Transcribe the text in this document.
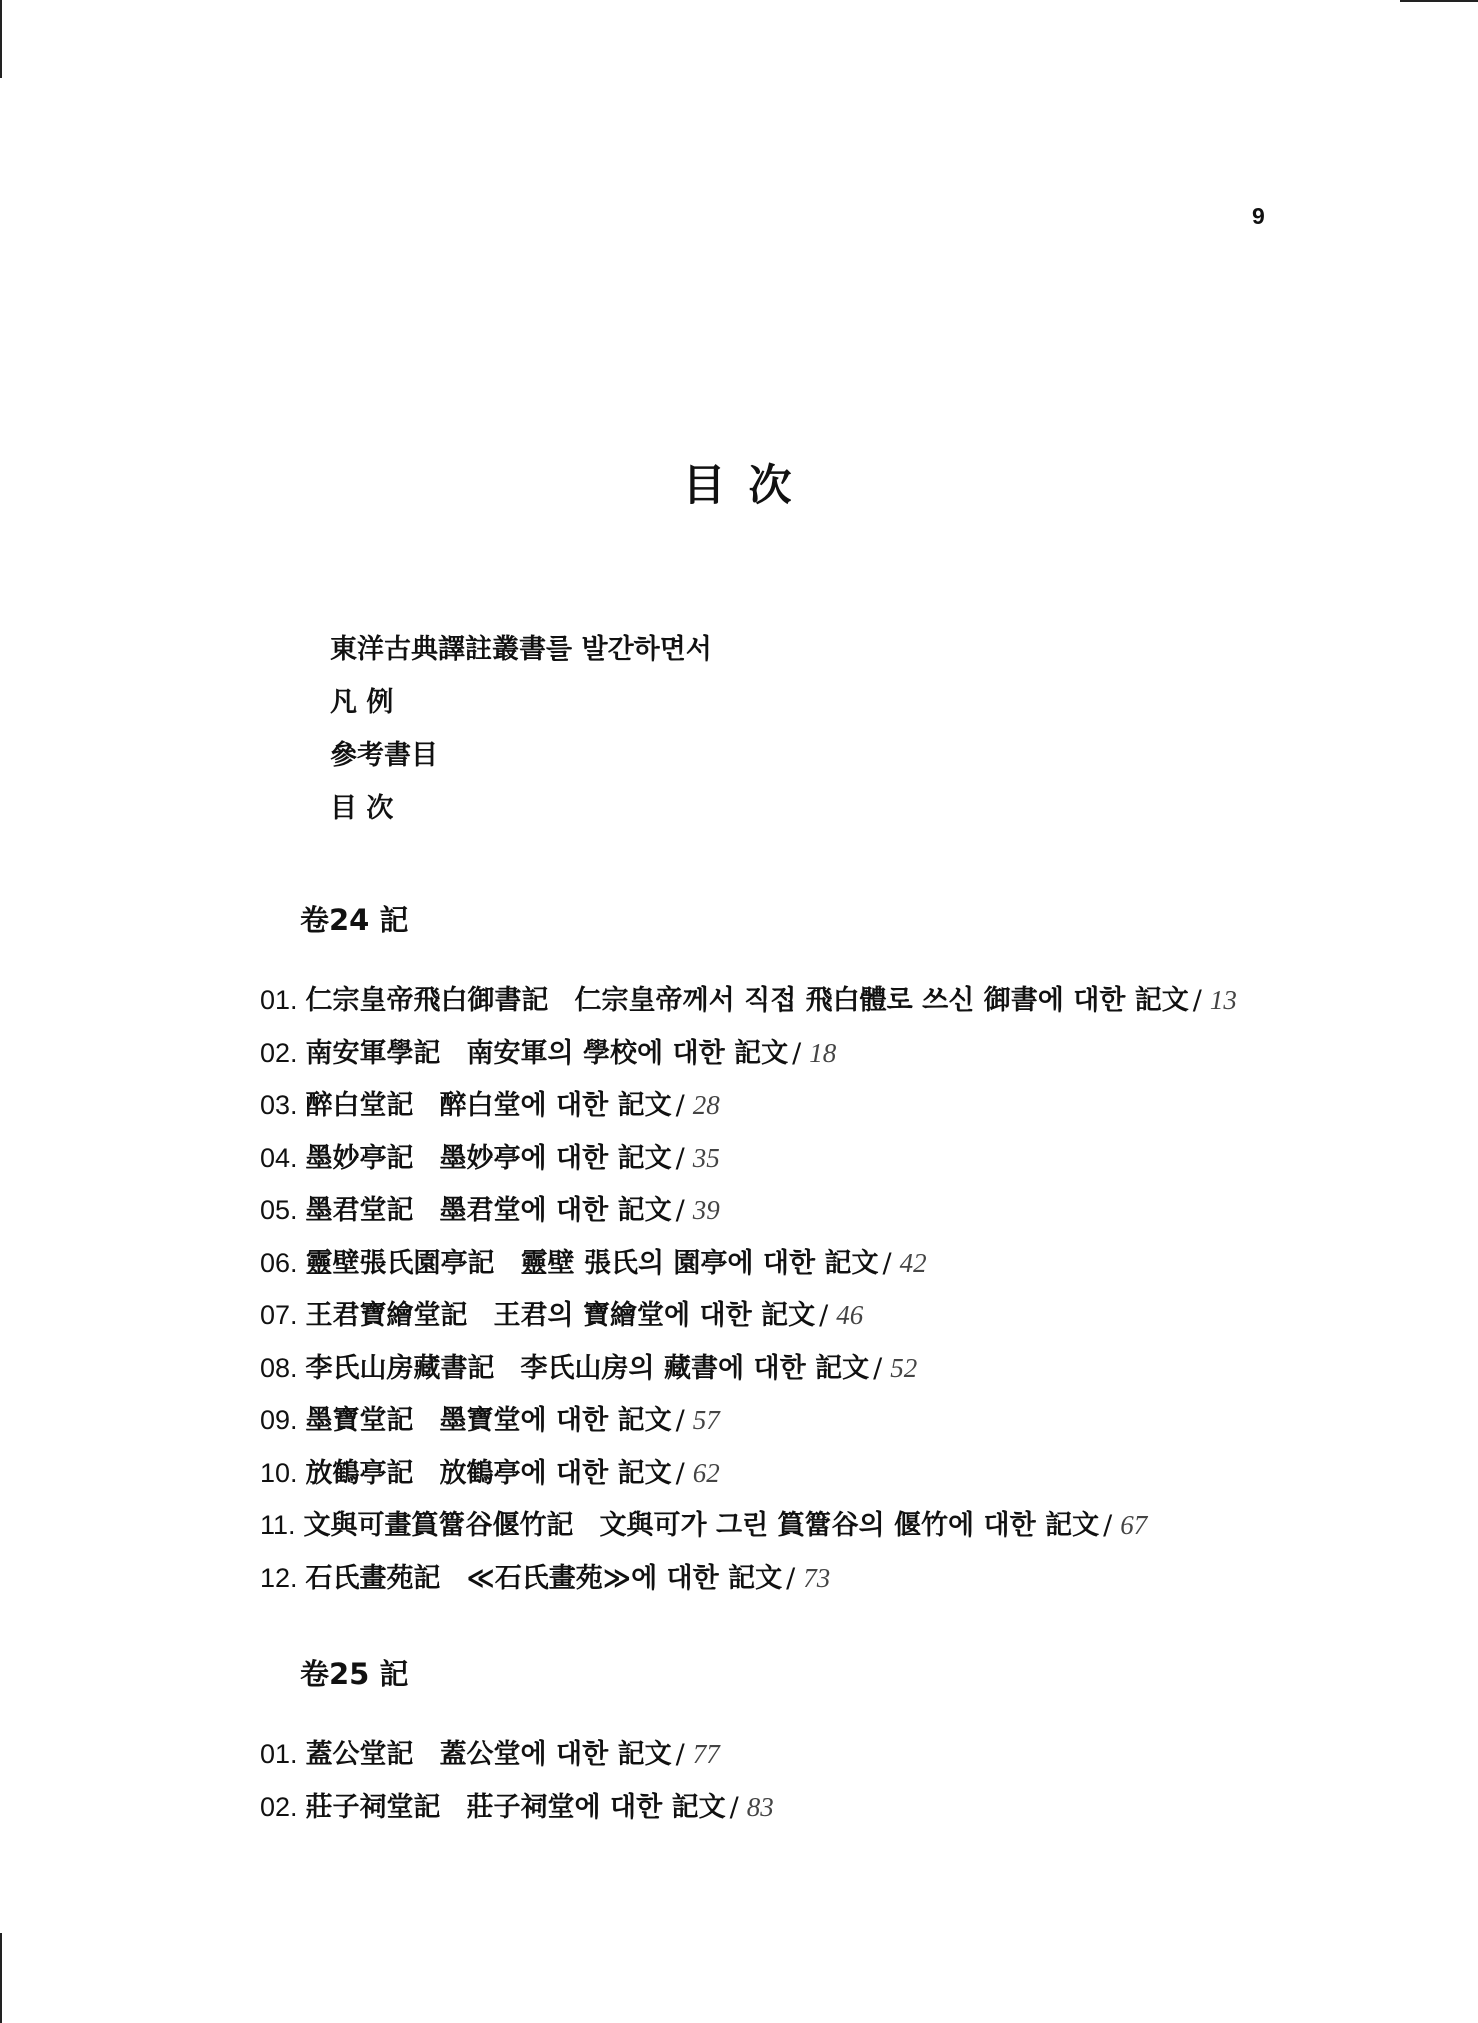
9
目 次
東洋古典譯註叢書를 발간하면서
凡 例
參考書目
目 次
卷24 記
01. 仁宗皇帝飛白御書記 仁宗皇帝께서 직접 飛白體로 쓰신 御書에 대한 記文 / 13
02. 南安軍學記 南安軍의 學校에 대한 記文 / 18
03. 醉白堂記 醉白堂에 대한 記文 / 28
04. 墨妙亭記 墨妙亭에 대한 記文 / 35
05. 墨君堂記 墨君堂에 대한 記文 / 39
06. 靈壁張氏園亭記 靈壁 張氏의 園亭에 대한 記文 / 42
07. 王君寶繪堂記 王君의 寶繪堂에 대한 記文 / 46
08. 李氏山房藏書記 李氏山房의 藏書에 대한 記文 / 52
09. 墨寶堂記 墨寶堂에 대한 記文 / 57
10. 放鶴亭記 放鶴亭에 대한 記文 / 62
11. 文與可畫篔簹谷偃竹記 文與可가 그린 篔簹谷의 偃竹에 대한 記文 / 67
12. 石氏畫苑記 ≪石氏畫苑≫에 대한 記文 / 73
卷25 記
01. 蓋公堂記 蓋公堂에 대한 記文 / 77
02. 莊子祠堂記 莊子祠堂에 대한 記文 / 83
